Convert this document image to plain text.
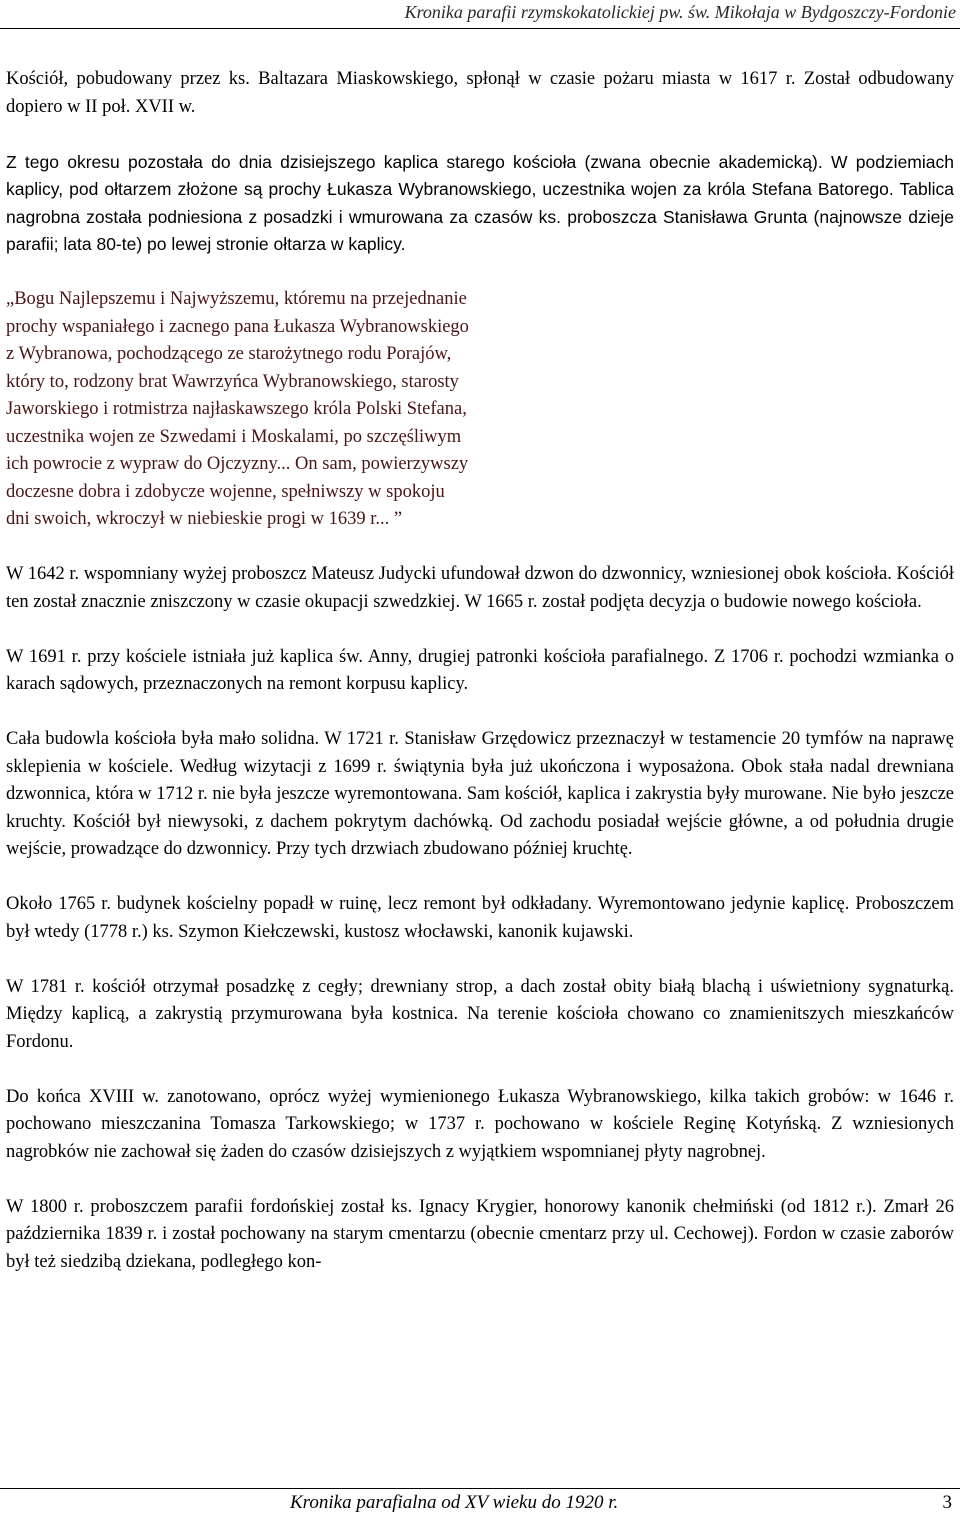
Kronika parafii rzymskokatolickiej pw. św. Mikołaja w Bydgoszczy-Fordonie

Kościół, pobudowany przez ks. Baltazara Miaskowskiego, spłonął w czasie pożaru miasta w 1617 r. Został odbudowany dopiero w II poł. XVII w.

Z tego okresu pozostała do dnia dzisiejszego kaplica starego kościoła (zwana obecnie akademicką). W podziemiach kaplicy, pod ołtarzem złożone są prochy Łukasza Wybranowskiego, uczestnika wojen za króla Stefana Batorego. Tablica nagrobna została podniesiona z posadzki i wmurowana za czasów ks. proboszcza Stanisława Grunta (najnowsze dzieje parafii; lata 80-te) po lewej stronie ołtarza w kaplicy.

„Bogu Najlepszemu i Najwyższemu, któremu na przejednanie
prochy wspaniałego i zacnego pana Łukasza Wybranowskiego
z Wybranowa, pochodzącego ze starożytnego rodu Porajów,
który to, rodzony brat Wawrzyńca Wybranowskiego, starosty
Jaworskiego i rotmistrza najłaskawszego króla Polski Stefana,
uczestnika wojen ze Szwedami i Moskalami, po szczęśliwym
ich powrocie z wypraw do Ojczyzny... On sam, powierzywszy
doczesne dobra i zdobycze wojenne, spełniwszy w spokoju
dni swoich, wkroczył w niebieskie progi w 1639 r... ”

W 1642 r. wspomniany wyżej proboszcz Mateusz Judycki ufundował dzwon do dzwonnicy, wzniesionej obok kościoła. Kościół ten został znacznie zniszczony w czasie okupacji szwedzkiej. W 1665 r. został podjęta decyzja o budowie nowego kościoła.

W 1691 r. przy kościele istniała już kaplica św. Anny, drugiej patronki kościoła parafialnego. Z 1706 r. pochodzi wzmianka o karach sądowych, przeznaczonych na remont korpusu kaplicy.

Cała budowla kościoła była mało solidna. W 1721 r. Stanisław Grzędowicz przeznaczył w testamencie 20 tymfów na naprawę sklepienia w kościele. Według wizytacji z 1699 r. świątynia była już ukończona i wyposażona. Obok stała nadal drewniana dzwonnica, która w 1712 r. nie była jeszcze wyremontowana. Sam kościół, kaplica i zakrystia były murowane. Nie było jeszcze kruchty. Kościół był niewysoki, z dachem pokrytym dachówką. Od zachodu posiadał wejście główne, a od południa drugie wejście, prowadzące do dzwonnicy. Przy tych drzwiach zbudowano później kruchtę.

Około 1765 r. budynek kościelny popadł w ruinę, lecz remont był odkładany. Wyremontowano jedynie kaplicę. Proboszczem był wtedy (1778 r.) ks. Szymon Kiełczewski, kustosz włocławski, kanonik kujawski.

W 1781 r. kościół otrzymał posadzkę z cegły; drewniany strop, a dach został obity białą blachą i uświetniony sygnaturką. Między kaplicą, a zakrystią przymurowana była kostnica. Na terenie kościoła chowano co znamienitszych mieszkańców Fordonu.

Do końca XVIII w. zanotowano, oprócz wyżej wymienionego Łukasza Wybranowskiego, kilka takich grobów: w 1646 r. pochowano mieszczanina Tomasza Tarkowskiego; w 1737 r. pochowano w kościele Reginę Kotyńską. Z wzniesionych nagrobków nie zachował się żaden do czasów dzisiejszych z wyjątkiem wspomnianej płyty nagrobnej.

W 1800 r. proboszczem parafii fordońskiej został ks. Ignacy Krygier, honorowy kanonik chełmiński (od 1812 r.). Zmarł 26 października 1839 r. i został pochowany na starym cmentarzu (obecnie cmentarz przy ul. Cechowej). Fordon w czasie zaborów był też siedzibą dziekana, podległego kon-

Kronika parafialna od XV wieku do 1920 r.	3
